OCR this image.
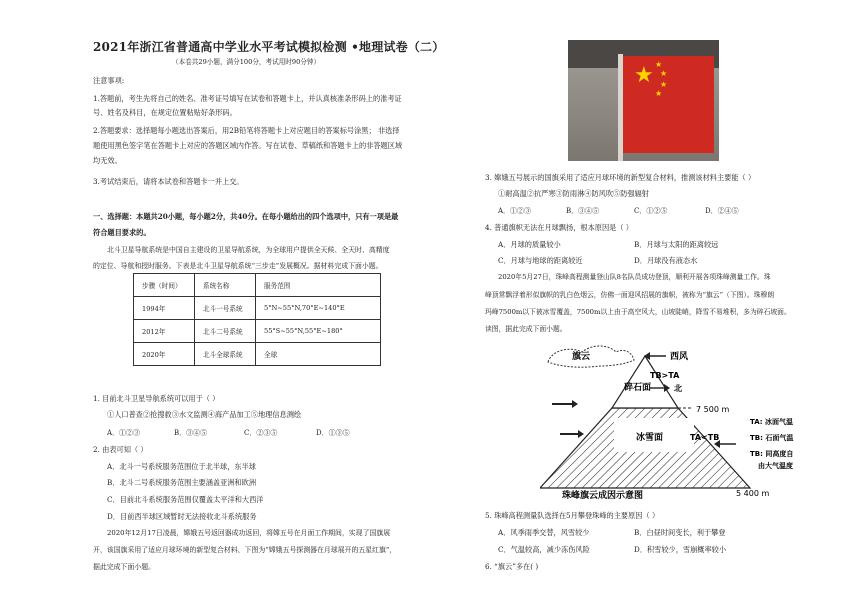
2021年浙江省普通高中学业水平考试模拟检测 •地理试卷（二）
（本卷共29小题，满分100分，考试用时90分钟）
注意事项:
1.答题前，考生先将自己的姓名、准考证号填写在试卷和答题卡上，并认真核准条形码上的准考证
号、姓名及科目，在规定位置粘贴好条形码。
2.答题要求：选择题每小题选出答案后，用2B铅笔将答题卡上对应题目的答案标号涂黑； 非选择
题使用黑色签字笔在答题卡上对应的答题区域内作答。写在试卷、草稿纸和答题卡上的非答题区域
均无效。
3.考试结束后，请将本试卷和答题卡一并上交。
一、选择题：本题共20小题，每小题2分，共40分。在每小题给出的四个选项中，只有一项是最
符合题目要求的。
北斗卫星导航系统是中国自主建设的卫星导航系统，为全球用户提供全天候、全天时、高精度
的定位、导航和授时服务。下表是北斗卫星导航系统“三步走”发展概况。据材料完成下面小题。
步骤（时间）	系统名称	服务范围
1994年	北斗一号系统	5°N~55°N,70°E~140°E
2012年	北斗二号系统	55°S~55°N,55°E~180°
2020年	北斗全球系统	全球
1. 目前北斗卫星导航系统可以用于（ ）
①人口普查②抢搜救③水文监测④海产品加工⑤地理信息测绘
A．①②③	B．③④⑤	C．②③⑤	D．①③⑤
2. 由表可知（ ）
A．北斗一号系统服务范围位于北半球，东半球
B．北斗二号系统服务范围主要涵盖亚洲和欧洲
C．目前北斗系统服务范围仅覆盖太平洋和大西洋
D．目前西半球区域暂时无法接收北斗系统服务
2020年12月17日凌晨，嫦娥五号返回器成功返回，将嫦五号在月面工作期间，实现了国旗展
开，该国旗采用了适应月球环境的新型复合材料，下图为“嫦娥五号探测器在月球展开的五星红旗”，
据此完成下面小题。
★ ★
★
★
★
3. 嫦娥五号展示的国旗采用了适应月球环境的新型复合材料，推测该材料主要能（ ）
①耐高温②抗严寒③防雨淋④防风吹⑤防强辐射
A．①②③	B．③④⑤	C．①②⑤	D．②④⑤
4. 普通旗帜无法在月球飘扬，根本原因是（ ）
A．月球的质量较小	B．月球与太阳的距离较远
C．月球与地球的距离较近	D．月球没有液态水
2020年5月27日，珠峰高程测量登山队8名队员成功登顶，顺利开展各项珠峰测量工作。珠
峰顶常飘浮着形似旗帜的乳白色烟云，仿佛一面迎风招展的旗帜，被称为“旗云”（下图）。珠穆朗
玛峰7500m以下被冰雪覆盖，7500m以上由于高空风大，山坡陡峭，降雪不易堆积，多为碎石坡面。
读图，据此完成下面小题。
旗云	西风
TB>TA
北
碎石面
7 500 m
冰雪面	TA<TB
TA: 冰面气温
TB: 石面气温
TB: 同高度自
由大气温度
珠峰旗云成因示意图	5 400 m
5. 珠峰高程测量队选择在5月攀登珠峰的主要原因（ ）
A．风季雨季交替，风雪较少	B．白昼时间变长，利于攀登
C．气温较高，减少冻伤风险	D．积雪较少，雪崩概率较小
6. “旗云”多在( )
